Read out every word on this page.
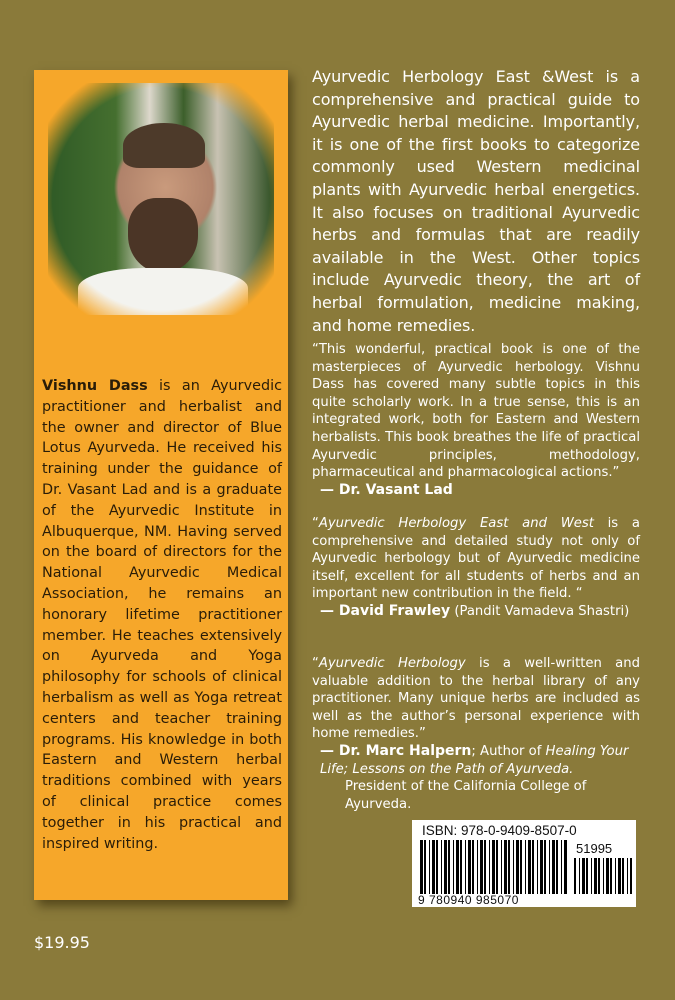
Vishnu Dass is an Ayurvedic practitioner and herbalist and the owner and director of Blue Lotus Ayurveda. He received his training under the guidance of Dr. Vasant Lad and is a graduate of the Ayurvedic Institute in Albuquerque, NM. Having served on the board of directors for the National Ayurvedic Medical Association, he remains an honorary lifetime practitioner member. He teaches extensively on Ayurveda and Yoga philosophy for schools of clinical herbalism as well as Yoga retreat centers and teacher training programs. His knowledge in both Eastern and Western herbal traditions combined with years of clinical practice comes together in his practical and inspired writing.
Ayurvedic Herbology East &West is a comprehensive and practical guide to Ayurvedic herbal medicine. Importantly, it is one of the first books to categorize commonly used Western medicinal plants with Ayurvedic herbal energetics. It also focuses on traditional Ayurvedic herbs and formulas that are readily available in the West. Other topics include Ayurvedic theory, the art of herbal formulation, medicine making, and home remedies.
“This wonderful, practical book is one of the masterpieces of Ayurvedic herbology. Vishnu Dass has covered many subtle topics in this quite scholarly work. In a true sense, this is an integrated work, both for Eastern and Western herbalists. This book breathes the life of practical Ayurvedic principles, methodology, pharmaceutical and pharmacological actions.”
— Dr. Vasant Lad
“Ayurvedic Herbology East and West is a comprehensive and detailed study not only of Ayurvedic herbology but of Ayurvedic medicine itself, excellent for all students of herbs and an important new contribution in the field. “
— David Frawley (Pandit Vamadeva Shastri)
“Ayurvedic Herbology is a well-written and valuable addition to the herbal library of any practitioner. Many unique herbs are included as well as the author’s personal experience with home remedies.”
— Dr. Marc Halpern; Author of Healing Your Life; Lessons on the Path of Ayurveda.
President of the California College of Ayurveda.
ISBN: 978-0-9409-8507-0
51995
9 780940 985070
$19.95
